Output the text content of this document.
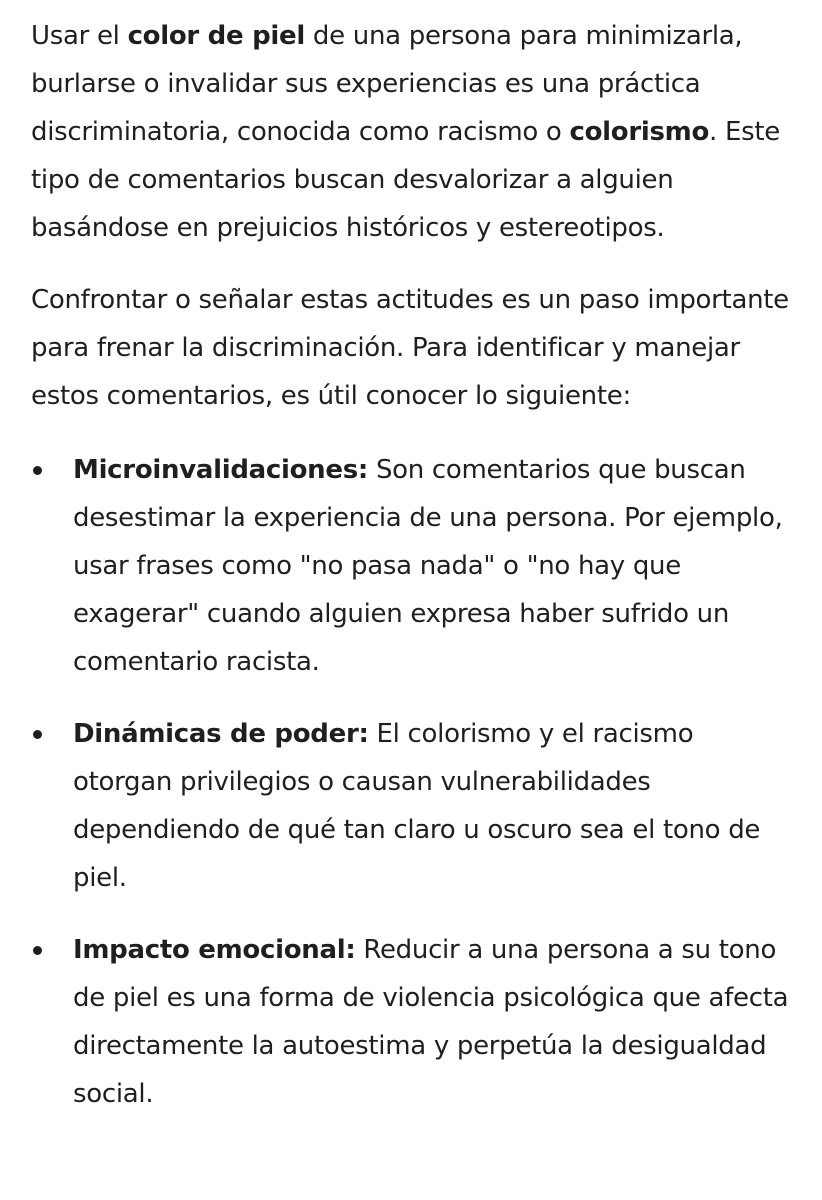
Usar el color de piel de una persona para minimizarla, burlarse o invalidar sus experiencias es una práctica discriminatoria, conocida como racismo o colorismo. Este tipo de comentarios buscan desvalorizar a alguien basándose en prejuicios históricos y estereotipos.

Confrontar o señalar estas actitudes es un paso importante para frenar la discriminación. Para identificar y manejar estos comentarios, es útil conocer lo siguiente:

Microinvalidaciones: Son comentarios que buscan desestimar la experiencia de una persona. Por ejemplo, usar frases como "no pasa nada" o "no hay que exagerar" cuando alguien expresa haber sufrido un comentario racista.
Dinámicas de poder: El colorismo y el racismo otorgan privilegios o causan vulnerabilidades dependiendo de qué tan claro u oscuro sea el tono de piel.
Impacto emocional: Reducir a una persona a su tono de piel es una forma de violencia psicológica que afecta directamente la autoestima y perpetúa la desigualdad social.
